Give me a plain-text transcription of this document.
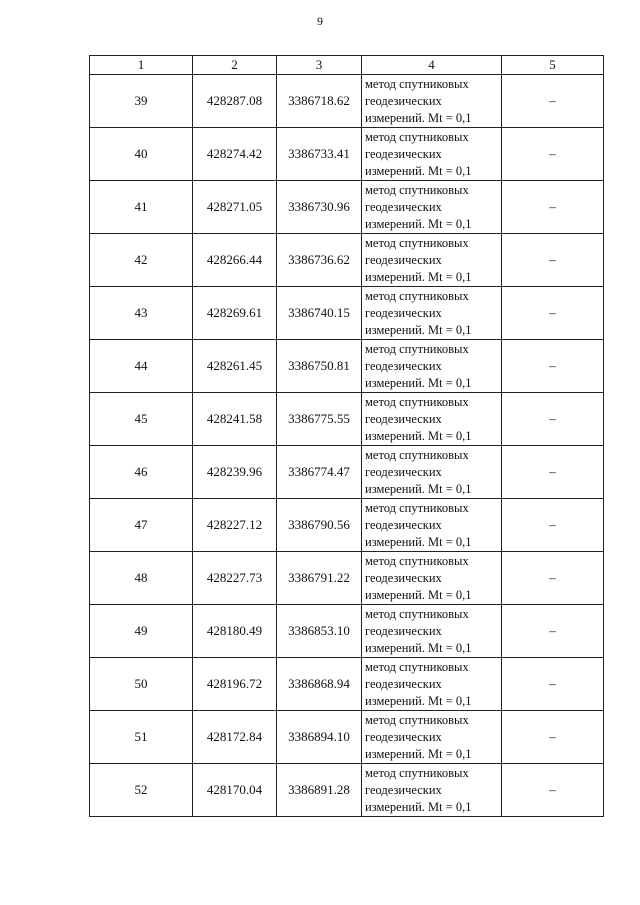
9
1	2	3	4	5
39	428287.08	3386718.62	метод спутниковых
геодезических
измерений. Mt = 0,1	–
40	428274.42	3386733.41	метод спутниковых
геодезических
измерений. Mt = 0,1	–
41	428271.05	3386730.96	метод спутниковых
геодезических
измерений. Mt = 0,1	–
42	428266.44	3386736.62	метод спутниковых
геодезических
измерений. Mt = 0,1	–
43	428269.61	3386740.15	метод спутниковых
геодезических
измерений. Mt = 0,1	–
44	428261.45	3386750.81	метод спутниковых
геодезических
измерений. Mt = 0,1	–
45	428241.58	3386775.55	метод спутниковых
геодезических
измерений. Mt = 0,1	–
46	428239.96	3386774.47	метод спутниковых
геодезических
измерений. Mt = 0,1	–
47	428227.12	3386790.56	метод спутниковых
геодезических
измерений. Mt = 0,1	–
48	428227.73	3386791.22	метод спутниковых
геодезических
измерений. Mt = 0,1	–
49	428180.49	3386853.10	метод спутниковых
геодезических
измерений. Mt = 0,1	–
50	428196.72	3386868.94	метод спутниковых
геодезических
измерений. Mt = 0,1	–
51	428172.84	3386894.10	метод спутниковых
геодезических
измерений. Mt = 0,1	–
52	428170.04	3386891.28	метод спутниковых
геодезических
измерений. Mt = 0,1	–
